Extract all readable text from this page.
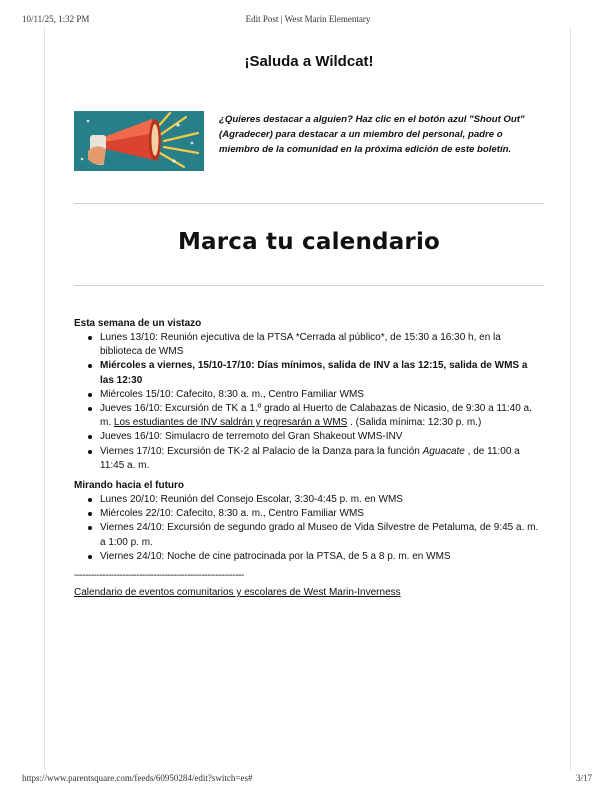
10/11/25, 1:32 PM	Edit Post | West Marin Elementary
¡Saluda a Wildcat!
¿Quieres destacar a alguien? Haz clic en el botón azul "Shout Out" (Agradecer) para destacar a un miembro del personal, padre o miembro de la comunidad en la próxima edición de este boletín.
Marca tu calendario
Esta semana de un vistazo
Lunes 13/10: Reunión ejecutiva de la PTSA *Cerrada al público*, de 15:30 a 16:30 h, en la biblioteca de WMS
Miércoles a viernes, 15/10-17/10: Días mínimos, salida de INV a las 12:15, salida de WMS a las 12:30
Miércoles 15/10: Cafecito, 8:30 a. m., Centro Familiar WMS
Jueves 16/10: Excursión de TK a 1.º grado al Huerto de Calabazas de Nicasio, de 9:30 a 11:40 a. m. Los estudiantes de INV saldrán y regresarán a WMS . (Salida mínima: 12:30 p. m.)
Jueves 16/10: Simulacro de terremoto del Gran Shakeout WMS-INV
Viernes 17/10: Excursión de TK-2 al Palacio de la Danza para la función Aguacate , de 11:00 a 11:45 a. m.
Mirando hacia el futuro
Lunes 20/10: Reunión del Consejo Escolar, 3:30-4:45 p. m. en WMS
Miércoles 22/10: Cafecito, 8:30 a. m., Centro Familiar WMS
Viernes 24/10: Excursión de segundo grado al Museo de Vida Silvestre de Petaluma, de 9:45 a. m. a 1:00 p. m.
Viernes 24/10: Noche de cine patrocinada por la PTSA, de 5 a 8 p. m. en WMS
------------------------------------------------------------
Calendario de eventos comunitarios y escolares de West Marin-Inverness
https://www.parentsquare.com/feeds/60950284/edit?switch=es#	3/17
